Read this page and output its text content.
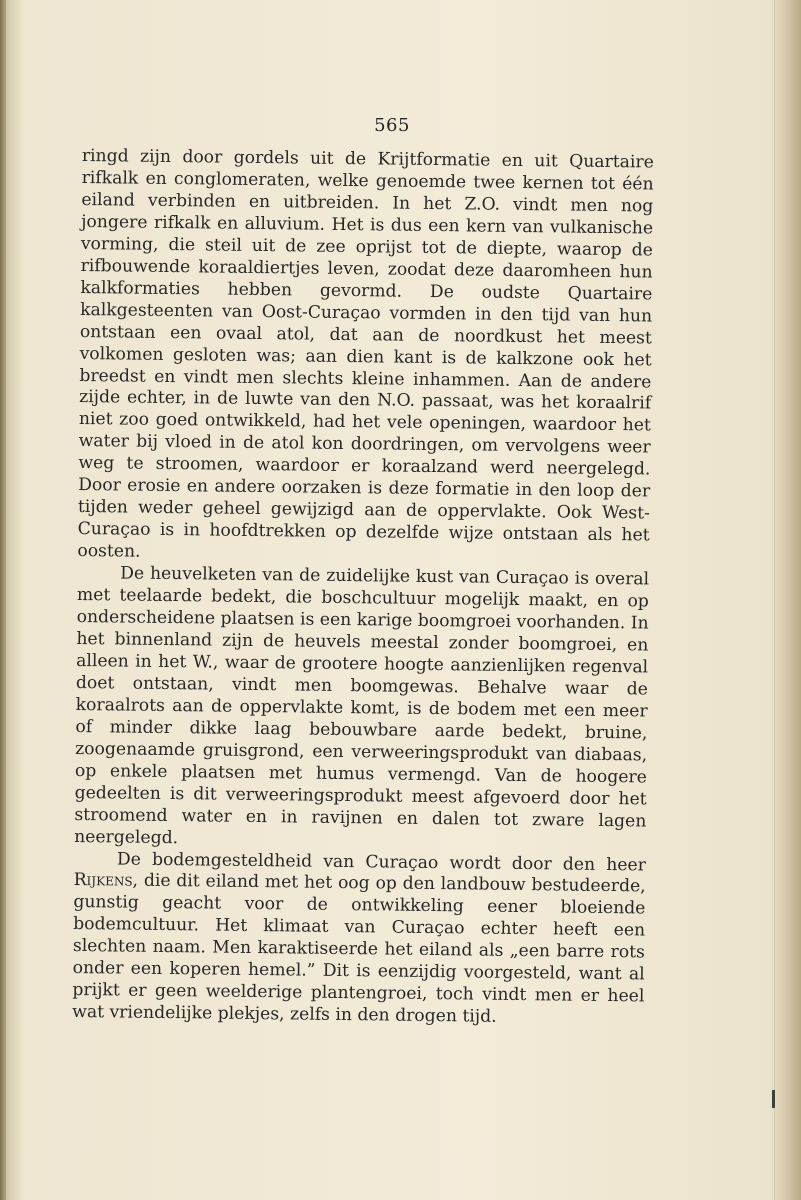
565

ringd zijn door gordels uit de Krijtformatie en uit Quartaire rifkalk en conglomeraten, welke genoemde twee kernen tot één eiland verbinden en uitbreiden. In het Z.O. vindt men nog jongere rifkalk en alluvium. Het is dus een kern van vulkanische vorming, die steil uit de zee oprijst tot de diepte, waarop de rifbouwende koraaldiertjes leven, zoodat deze daaromheen hun kalkformaties hebben gevormd. De oudste Quartaire kalkgesteenten van Oost-Curaçao vormden in den tijd van hun ontstaan een ovaal atol, dat aan de noordkust het meest volkomen gesloten was; aan dien kant is de kalkzone ook het breedst en vindt men slechts kleine inhammen. Aan de andere zijde echter, in de luwte van den N.O. passaat, was het koraalrif niet zoo goed ontwikkeld, had het vele openingen, waardoor het water bij vloed in de atol kon doordringen, om vervolgens weer weg te stroomen, waardoor er koraalzand werd neergelegd. Door erosie en andere oorzaken is deze formatie in den loop der tijden weder geheel gewijzigd aan de oppervlakte. Ook West-Curaçao is in hoofdtrekken op dezelfde wijze ontstaan als het oosten.

De heuvelketen van de zuidelijke kust van Curaçao is overal met teelaarde bedekt, die boschcultuur mogelijk maakt, en op onderscheidene plaatsen is een karige boomgroei voorhanden. In het binnenland zijn de heuvels meestal zonder boomgroei, en alleen in het W., waar de grootere hoogte aanzienlijken regenval doet ontstaan, vindt men boomgewas. Behalve waar de koraalrots aan de oppervlakte komt, is de bodem met een meer of minder dikke laag bebouwbare aarde bedekt, bruine, zoogenaamde gruisgrond, een verweeringsprodukt van diabaas, op enkele plaatsen met humus vermengd. Van de hoogere gedeelten is dit verweeringsprodukt meest afgevoerd door het stroomend water en in ravijnen en dalen tot zware lagen neergelegd.

De bodemgesteldheid van Curaçao wordt door den heer Rijkens, die dit eiland met het oog op den landbouw bestudeerde, gunstig geacht voor de ontwikkeling eener bloeiende bodemcultuur. Het klimaat van Curaçao echter heeft een slechten naam. Men karaktiseerde het eiland als „een barre rots onder een koperen hemel.” Dit is eenzijdig voorgesteld, want al prijkt er geen weelderige plantengroei, toch vindt men er heel wat vriendelijke plekjes, zelfs in den drogen tijd.
